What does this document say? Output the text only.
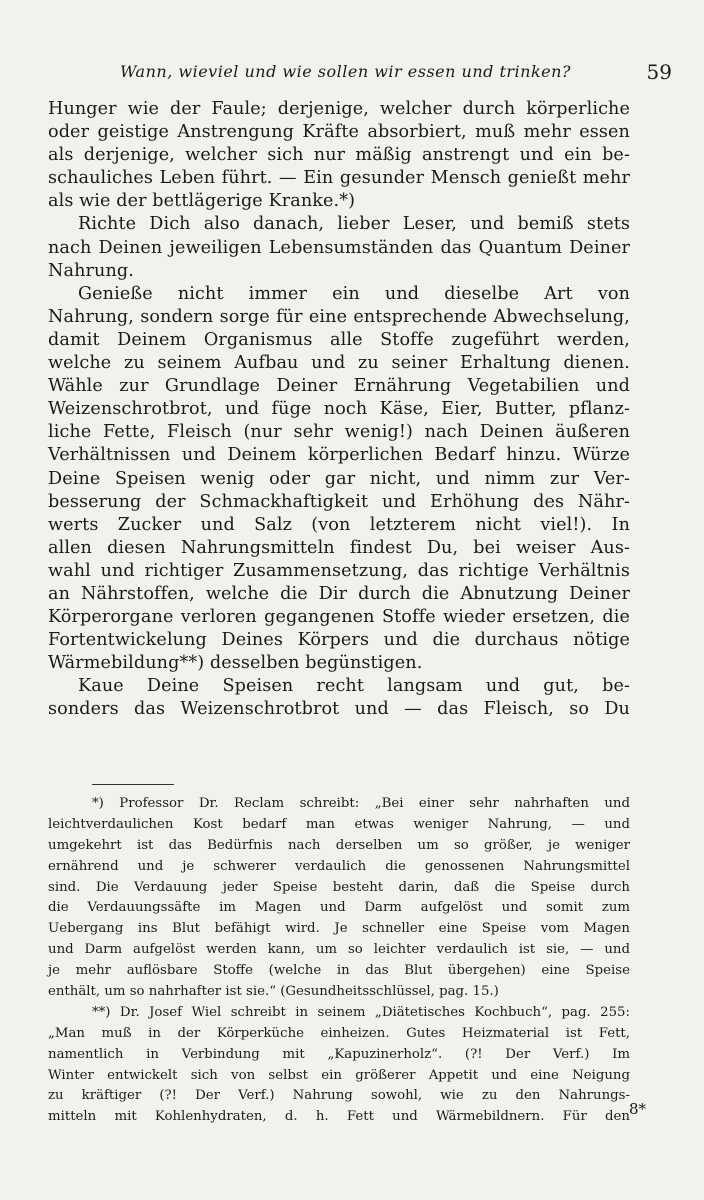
Wann, wieviel und wie sollen wir essen und trinken?	59
Hunger wie der Faule; derjenige, welcher durch körperliche
oder geistige Anstrengung Kräfte absorbiert, muß mehr essen
als derjenige, welcher sich nur mäßig anstrengt und ein be-
schauliches Leben führt. — Ein gesunder Mensch genießt mehr
als wie der bettlägerige Kranke.*)
Richte Dich also danach, lieber Leser, und bemiß stets
nach Deinen jeweiligen Lebensumständen das Quantum Deiner
Nahrung.
Genieße nicht immer ein und dieselbe Art von
Nahrung, sondern sorge für eine entsprechende Abwechselung,
damit Deinem Organismus alle Stoffe zugeführt werden,
welche zu seinem Aufbau und zu seiner Erhaltung dienen.
Wähle zur Grundlage Deiner Ernährung Vegetabilien und
Weizenschrotbrot, und füge noch Käse, Eier, Butter, pflanz-
liche Fette, Fleisch (nur sehr wenig!) nach Deinen äußeren
Verhältnissen und Deinem körperlichen Bedarf hinzu. Würze
Deine Speisen wenig oder gar nicht, und nimm zur Ver-
besserung der Schmackhaftigkeit und Erhöhung des Nähr-
werts Zucker und Salz (von letzterem nicht viel!). In
allen diesen Nahrungsmitteln findest Du, bei weiser Aus-
wahl und richtiger Zusammensetzung, das richtige Verhältnis
an Nährstoffen, welche die Dir durch die Abnutzung Deiner
Körperorgane verloren gegangenen Stoffe wieder ersetzen, die
Fortentwickelung Deines Körpers und die durchaus nötige
Wärmebildung**) desselben begünstigen.
Kaue Deine Speisen recht langsam und gut, be-
sonders das Weizenschrotbrot und — das Fleisch, so Du
*) Professor Dr. Reclam schreibt: „Bei einer sehr nahrhaften und
leichtverdaulichen Kost bedarf man etwas weniger Nahrung, — und
umgekehrt ist das Bedürfnis nach derselben um so größer, je weniger
ernährend und je schwerer verdaulich die genossenen Nahrungsmittel
sind. Die Verdauung jeder Speise besteht darin, daß die Speise durch
die Verdauungssäfte im Magen und Darm aufgelöst und somit zum
Uebergang ins Blut befähigt wird. Je schneller eine Speise vom Magen
und Darm aufgelöst werden kann, um so leichter verdaulich ist sie, — und
je mehr auflösbare Stoffe (welche in das Blut übergehen) eine Speise
enthält, um so nahrhafter ist sie.“ (Gesundheitsschlüssel, pag. 15.)
**) Dr. Josef Wiel schreibt in seinem „Diätetisches Kochbuch“, pag. 255:
„Man muß in der Körperküche einheizen. Gutes Heizmaterial ist Fett,
namentlich in Verbindung mit „Kapuzinerholz“. (?! Der Verf.) Im
Winter entwickelt sich von selbst ein größerer Appetit und eine Neigung
zu kräftiger (?! Der Verf.) Nahrung sowohl, wie zu den Nahrungs-
mitteln mit Kohlenhydraten, d. h. Fett und Wärmebildnern. Für den
8*
